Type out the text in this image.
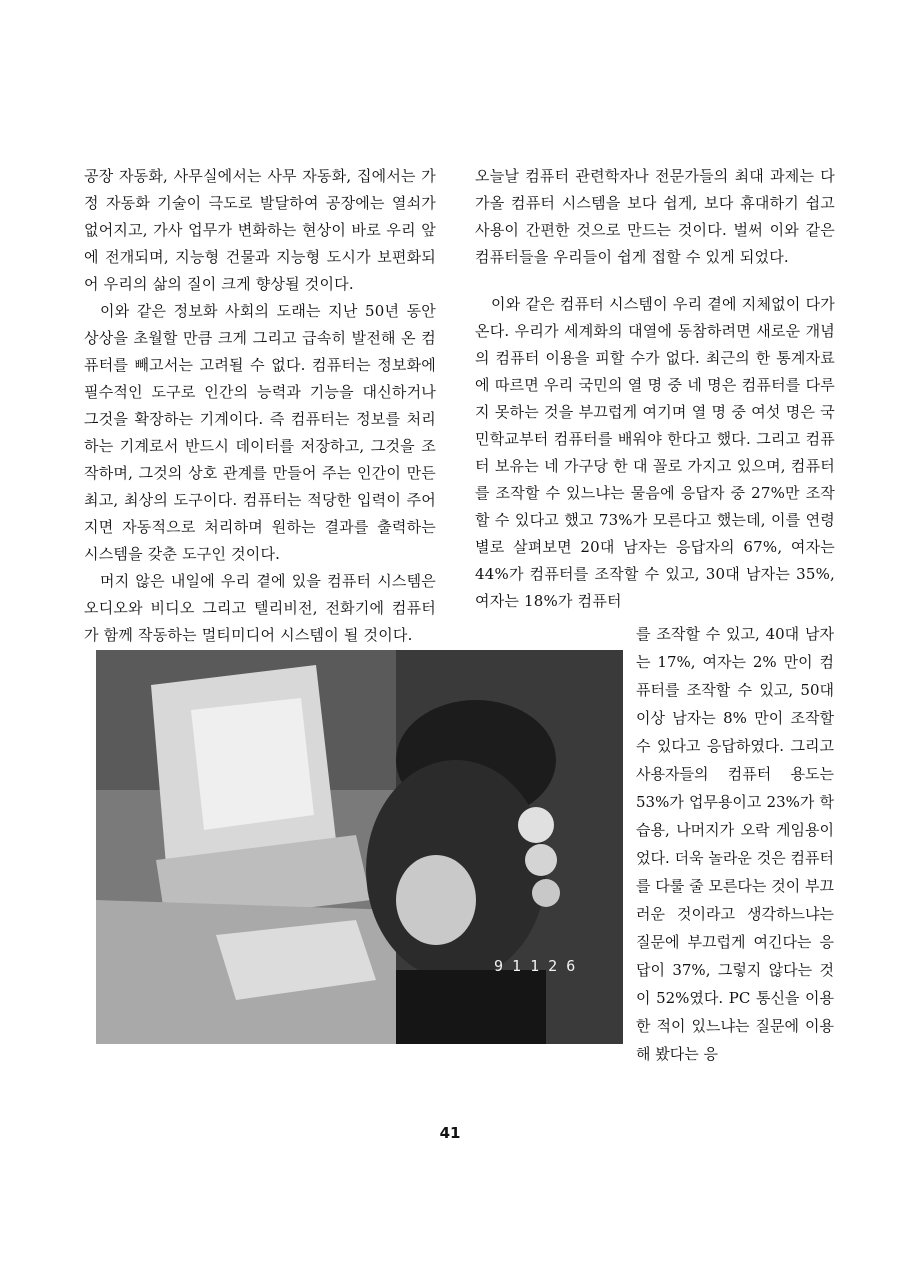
공장 자동화, 사무실에서는 사무 자동화, 집에서는 가정 자동화 기술이 극도로 발달하여 공장에는 열쇠가 없어지고, 가사 업무가 변화하는 현상이 바로 우리 앞에 전개되며, 지능형 건물과 지능형 도시가 보편화되어 우리의 삶의 질이 크게 향상될 것이다.

이와 같은 정보화 사회의 도래는 지난 50년 동안 상상을 초월할 만큼 크게 그리고 급속히 발전해 온 컴퓨터를 빼고서는 고려될 수 없다. 컴퓨터는 정보화에 필수적인 도구로 인간의 능력과 기능을 대신하거나 그것을 확장하는 기계이다. 즉 컴퓨터는 정보를 처리하는 기계로서 반드시 데이터를 저장하고, 그것을 조작하며, 그것의 상호 관계를 만들어 주는 인간이 만든 최고, 최상의 도구이다. 컴퓨터는 적당한 입력이 주어지면 자동적으로 처리하며 원하는 결과를 출력하는 시스템을 갖춘 도구인 것이다.

머지 않은 내일에 우리 곁에 있을 컴퓨터 시스템은 오디오와 비디오 그리고 텔리비전, 전화기에 컴퓨터가 함께 작동하는 멀티미디어 시스템이 될 것이다.

오늘날 컴퓨터 관련학자나 전문가들의 최대 과제는 다가올 컴퓨터 시스템을 보다 쉽게, 보다 휴대하기 쉽고 사용이 간편한 것으로 만드는 것이다. 벌써 이와 같은 컴퓨터들을 우리들이 쉽게 접할 수 있게 되었다.

이와 같은 컴퓨터 시스템이 우리 곁에 지체없이 다가온다. 우리가 세계화의 대열에 동참하려면 새로운 개념의 컴퓨터 이용을 피할 수가 없다. 최근의 한 통계자료에 따르면 우리 국민의 열 명 중 네 명은 컴퓨터를 다루지 못하는 것을 부끄럽게 여기며 열 명 중 여섯 명은 국민학교부터 컴퓨터를 배워야 한다고 했다. 그리고 컴퓨터 보유는 네 가구당 한 대 꼴로 가지고 있으며, 컴퓨터를 조작할 수 있느냐는 물음에 응답자 중 27%만 조작할 수 있다고 했고 73%가 모른다고 했는데, 이를 연령별로 살펴보면 20대 남자는 응답자의 67%, 여자는 44%가 컴퓨터를 조작할 수 있고, 30대 남자는 35%, 여자는 18%가 컴퓨터

를 조작할 수 있고, 40대 남자는 17%, 여자는 2% 만이 컴퓨터를 조작할 수 있고, 50대 이상 남자는 8% 만이 조작할 수 있다고 응답하였다. 그리고 사용자들의 컴퓨터 용도는 53%가 업무용이고 23%가 학습용, 나머지가 오락 게임용이었다. 더욱 놀라운 것은 컴퓨터를 다룰 줄 모른다는 것이 부끄러운 것이라고 생각하느냐는 질문에 부끄럽게 여긴다는 응답이 37%, 그렇지 않다는 것이 52%였다. PC 통신을 이용한 적이 있느냐는 질문에 이용해 봤다는 응
9 1 1 2 6
41
